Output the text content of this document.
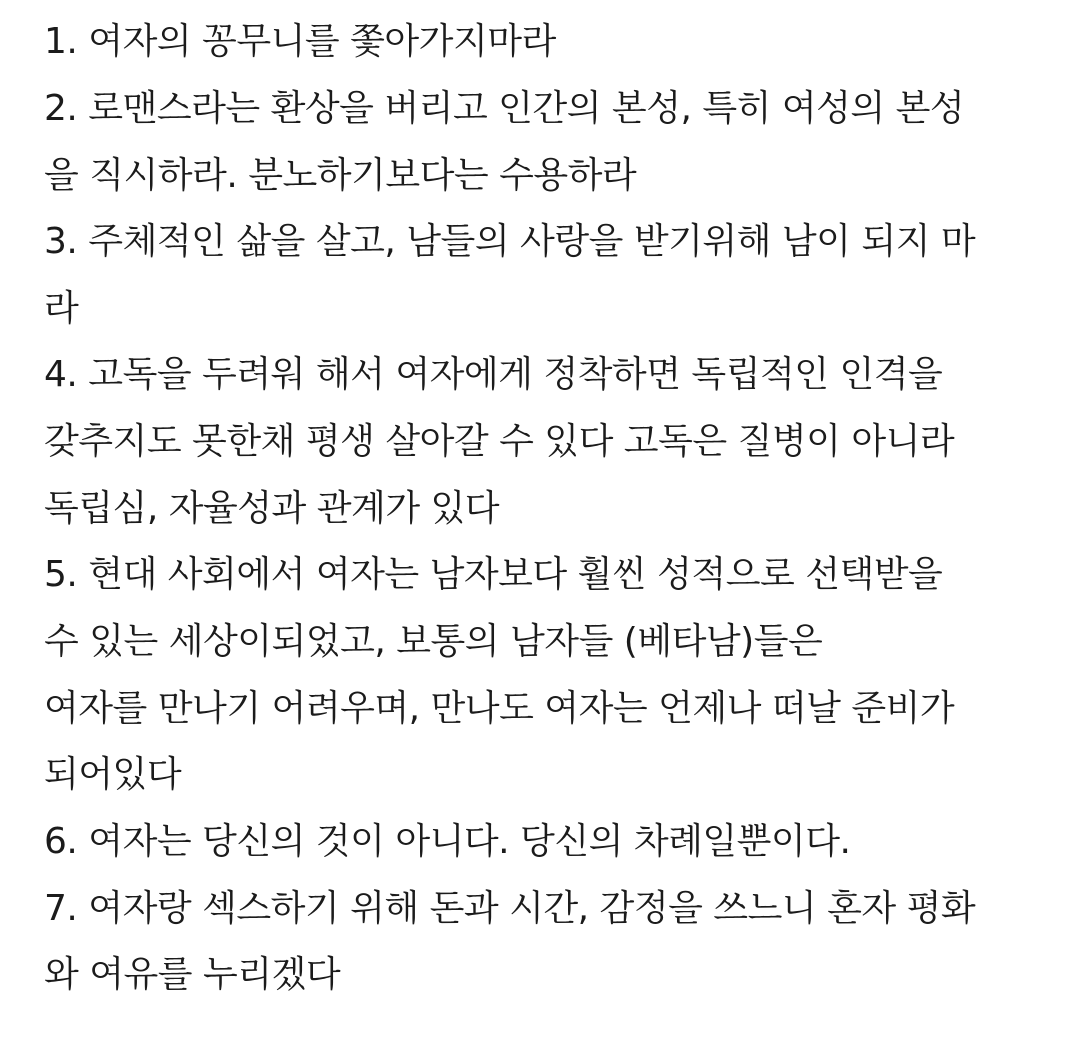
1. 여자의 꽁무니를 쫓아가지마라
2. 로맨스라는 환상을 버리고 인간의 본성, 특히 여성의 본성
을 직시하라. 분노하기보다는 수용하라
3. 주체적인 삶을 살고, 남들의 사랑을 받기위해 남이 되지 마
라
4. 고독을 두려워 해서 여자에게 정착하면 독립적인 인격을
갖추지도 못한채 평생 살아갈 수 있다 고독은 질병이 아니라
독립심, 자율성과 관계가 있다
5. 현대 사회에서 여자는 남자보다 훨씬 성적으로 선택받을
수 있는 세상이되었고, 보통의 남자들 (베타남)들은
여자를 만나기 어려우며, 만나도 여자는 언제나 떠날 준비가
되어있다
6. 여자는 당신의 것이 아니다. 당신의 차례일뿐이다.
7. 여자랑 섹스하기 위해 돈과 시간, 감정을 쓰느니 혼자 평화
와 여유를 누리겠다
